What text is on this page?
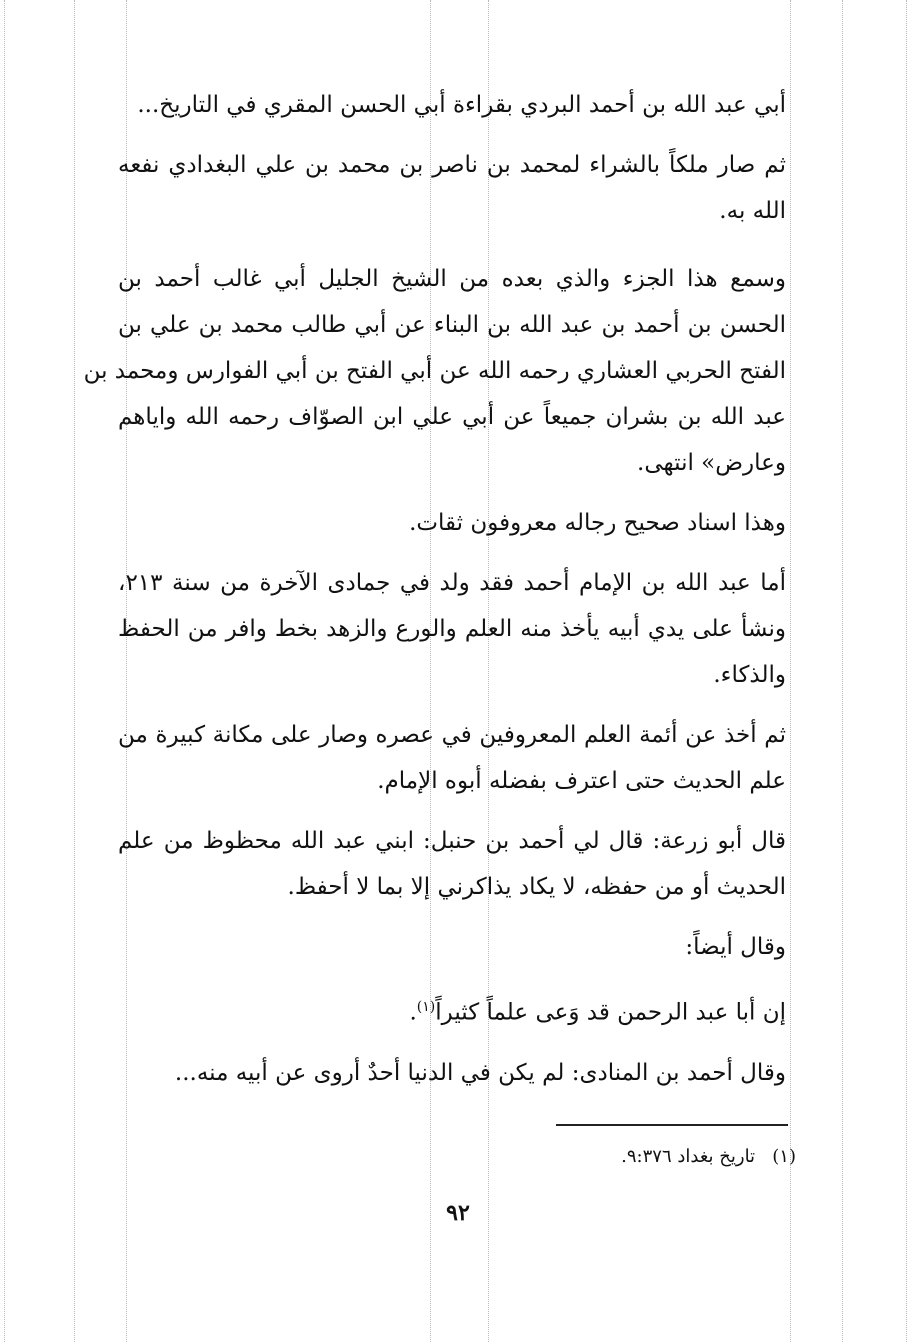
أبي عبد الله بن أحمد البردي بقراءة أبي الحسن المقري في التاريخ...
ثم صار ملكاً بالشراء لمحمد بن ناصر بن محمد بن علي البغدادي نفعه
الله به.
وسمع هذا الجزء والذي بعده من الشيخ الجليل أبي غالب أحمد بن
الحسن بن أحمد بن عبد الله بن البناء عن أبي طالب محمد بن علي بن
الفتح الحربي العشاري رحمه الله عن أبي الفتح بن أبي الفوارس ومحمد بن
عبد الله بن بشران جميعاً عن أبي علي ابن الصوّاف رحمه الله واياهم
وعارض» انتهى.
وهذا اسناد صحيح رجاله معروفون ثقات.
أما عبد الله بن الإمام أحمد فقد ولد في جمادى الآخرة من سنة ٢١٣،
ونشأ على يدي أبيه يأخذ منه العلم والورع والزهد بخط وافر من الحفظ
والذكاء.
ثم أخذ عن أئمة العلم المعروفين في عصره وصار على مكانة كبيرة من
علم الحديث حتى اعترف بفضله أبوه الإمام.
قال أبو زرعة: قال لي أحمد بن حنبل: ابني عبد الله محظوظ من علم
الحديث أو من حفظه، لا يكاد يذاكرني إلا بما لا أحفظ.
وقال أيضاً:
إن أبا عبد الرحمن قد وَعى علماً كثيراً$^{(١)}$.
وقال أحمد بن المنادى: لم يكن في الدنيا أحدٌ أروى عن أبيه منه...
(١)   تاريخ بغداد ٩:٣٧٦.
٩٢
